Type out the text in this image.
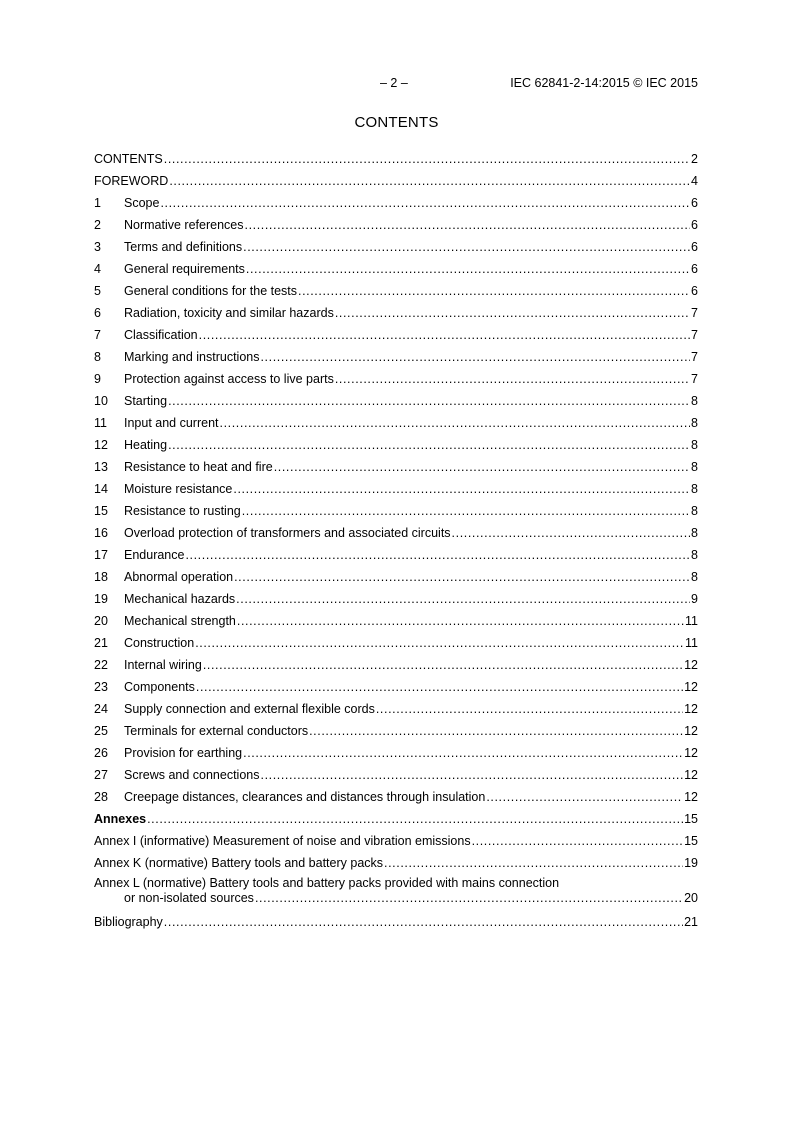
– 2 –	IEC 62841-2-14:2015 © IEC 2015
CONTENTS
CONTENTS .....	2
FOREWORD .....	4
1	Scope .....	6
2	Normative references .....	6
3	Terms and definitions .....	6
4	General requirements .....	6
5	General conditions for the tests .....	6
6	Radiation, toxicity and similar hazards .....	7
7	Classification .....	7
8	Marking and instructions .....	7
9	Protection against access to live parts .....	7
10	Starting .....	8
11	Input and current .....	8
12	Heating .....	8
13	Resistance to heat and fire .....	8
14	Moisture resistance .....	8
15	Resistance to rusting .....	8
16	Overload protection of transformers and associated circuits .....	8
17	Endurance .....	8
18	Abnormal operation .....	8
19	Mechanical hazards .....	9
20	Mechanical strength .....	11
21	Construction .....	11
22	Internal wiring .....	12
23	Components .....	12
24	Supply connection and external flexible cords .....	12
25	Terminals for external conductors .....	12
26	Provision for earthing .....	12
27	Screws and connections .....	12
28	Creepage distances, clearances and distances through insulation .....	12
Annexes .....	15
Annex I (informative) Measurement of noise and vibration emissions .....	15
Annex K (normative) Battery tools and battery packs .....	19
Annex L (normative) Battery tools and battery packs provided with mains connection
or non-isolated sources .....	20
Bibliography .....	21
